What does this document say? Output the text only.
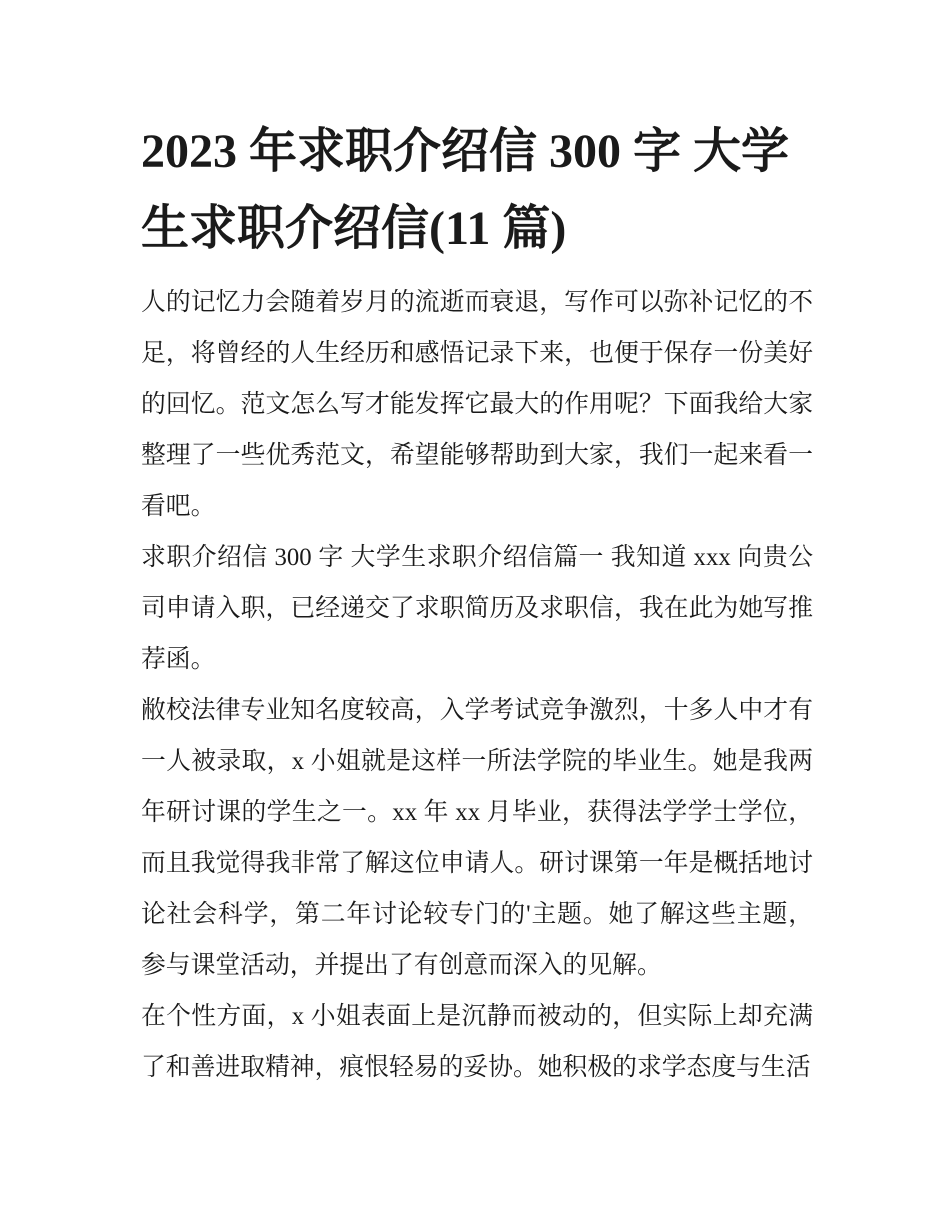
2023 年求职介绍信 300 字 大学生求职介绍信(11 篇)

人的记忆力会随着岁月的流逝而衰退，写作可以弥补记忆的不足，将曾经的人生经历和感悟记录下来，也便于保存一份美好的回忆。范文怎么写才能发挥它最大的作用呢？下面我给大家整理了一些优秀范文，希望能够帮助到大家，我们一起来看一看吧。

求职介绍信 300 字 大学生求职介绍信篇一 我知道 xxx 向贵公司申请入职，已经递交了求职简历及求职信，我在此为她写推荐函。

敝校法律专业知名度较高，入学考试竞争激烈，十多人中才有一人被录取，x 小姐就是这样一所法学院的毕业生。她是我两年研讨课的学生之一。xx 年 xx 月毕业，获得法学学士学位，而且我觉得我非常了解这位申请人。研讨课第一年是概括地讨论社会科学，第二年讨论较专门的'主题。她了解这些主题，参与课堂活动，并提出了有创意而深入的见解。

在个性方面，x 小姐表面上是沉静而被动的，但实际上却充满了和善进取精神，痕恨轻易的妥协。她积极的求学态度与生活
